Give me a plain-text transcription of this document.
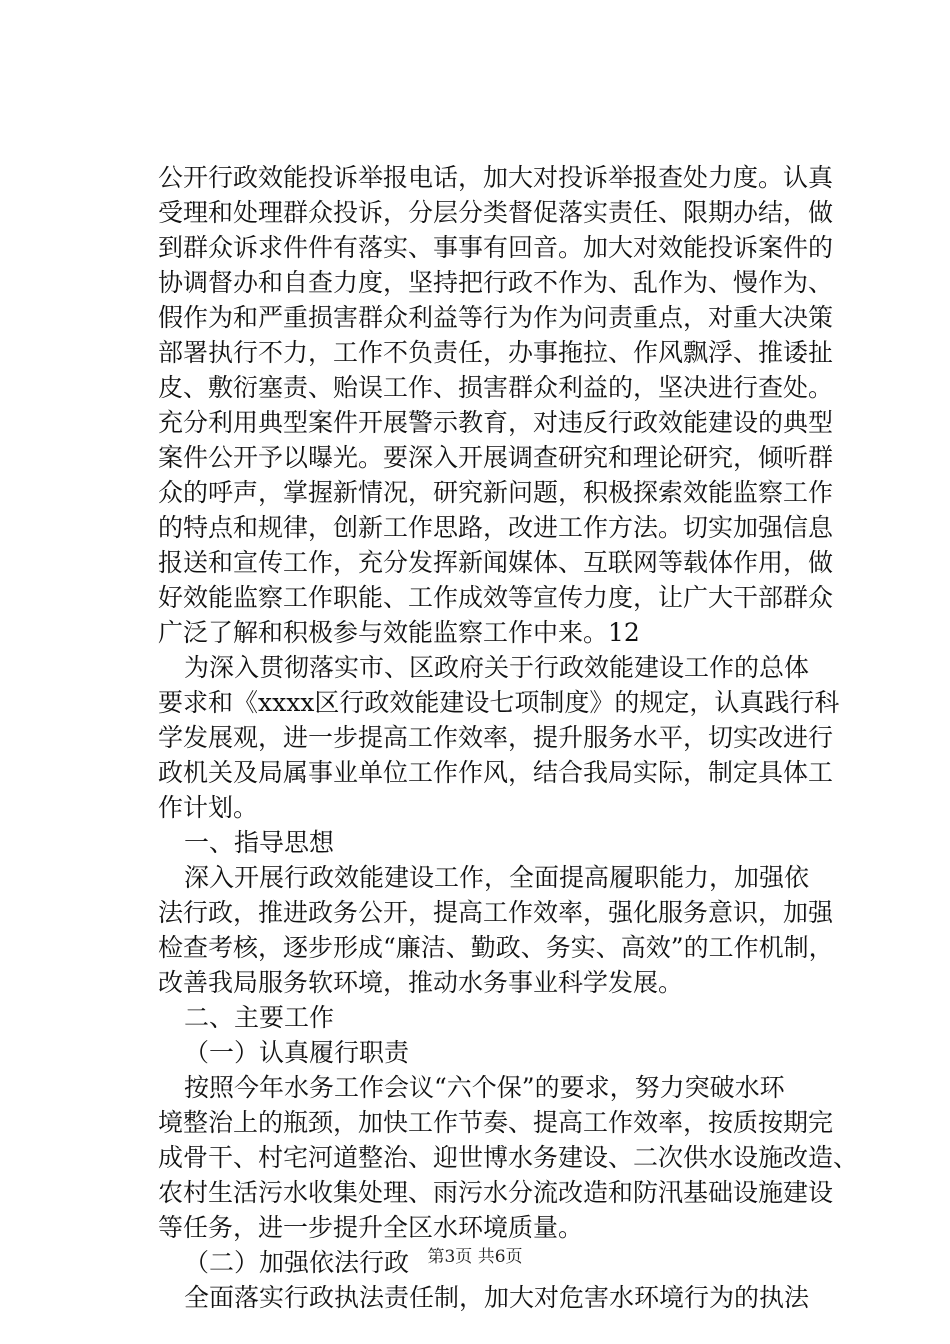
公开行政效能投诉举报电话，加大对投诉举报查处力度。认真
受理和处理群众投诉，分层分类督促落实责任、限期办结，做
到群众诉求件件有落实、事事有回音。加大对效能投诉案件的
协调督办和自查力度，坚持把行政不作为、乱作为、慢作为、
假作为和严重损害群众利益等行为作为问责重点，对重大决策
部署执行不力，工作不负责任，办事拖拉、作风飘浮、推诿扯
皮、敷衍塞责、贻误工作、损害群众利益的，坚决进行查处。
充分利用典型案件开展警示教育，对违反行政效能建设的典型
案件公开予以曝光。要深入开展调查研究和理论研究，倾听群
众的呼声，掌握新情况，研究新问题，积极探索效能监察工作
的特点和规律，创新工作思路，改进工作方法。切实加强信息
报送和宣传工作，充分发挥新闻媒体、互联网等载体作用，做
好效能监察工作职能、工作成效等宣传力度，让广大干部群众
广泛了解和积极参与效能监察工作中来。12
为深入贯彻落实市、区政府关于行政效能建设工作的总体
要求和《xxxx区行政效能建设七项制度》的规定，认真践行科
学发展观，进一步提高工作效率，提升服务水平，切实改进行
政机关及局属事业单位工作作风，结合我局实际，制定具体工
作计划。
一、指导思想
深入开展行政效能建设工作，全面提高履职能力，加强依
法行政，推进政务公开，提高工作效率，强化服务意识，加强
检查考核，逐步形成“廉洁、勤政、务实、高效”的工作机制，
改善我局服务软环境，推动水务事业科学发展。
二、主要工作
（一）认真履行职责
按照今年水务工作会议“六个保”的要求，努力突破水环
境整治上的瓶颈，加快工作节奏、提高工作效率，按质按期完
成骨干、村宅河道整治、迎世博水务建设、二次供水设施改造、
农村生活污水收集处理、雨污水分流改造和防汛基础设施建设
等任务，进一步提升全区水环境质量。
（二）加强依法行政
全面落实行政执法责任制，加大对危害水环境行为的执法
第3页 共6页
